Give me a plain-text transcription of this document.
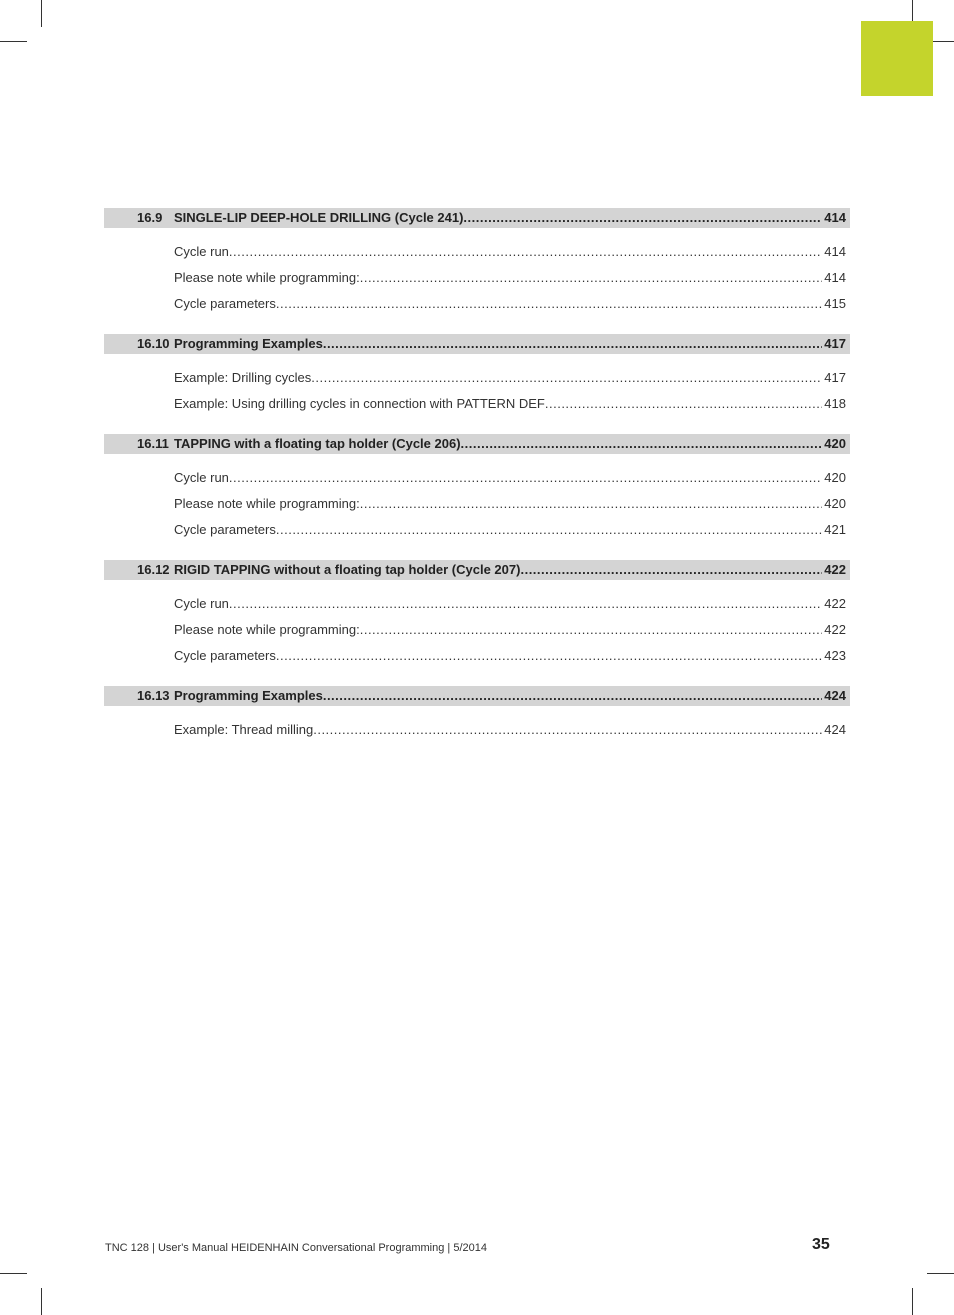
16.9 SINGLE-LIP DEEP-HOLE DRILLING (Cycle 241) .....	414
Cycle run .....	414
Please note while programming: .....	414
Cycle parameters .....	415
16.10 Programming Examples .....	417
Example: Drilling cycles .....	417
Example: Using drilling cycles in connection with PATTERN DEF .....	418
16.11 TAPPING with a floating tap holder (Cycle 206) .....	420
Cycle run .....	420
Please note while programming: .....	420
Cycle parameters .....	421
16.12 RIGID TAPPING without a floating tap holder (Cycle 207) .....	422
Cycle run .....	422
Please note while programming: .....	422
Cycle parameters .....	423
16.13 Programming Examples .....	424
Example: Thread milling .....	424
TNC 128 | User's Manual HEIDENHAIN Conversational Programming | 5/2014	35
